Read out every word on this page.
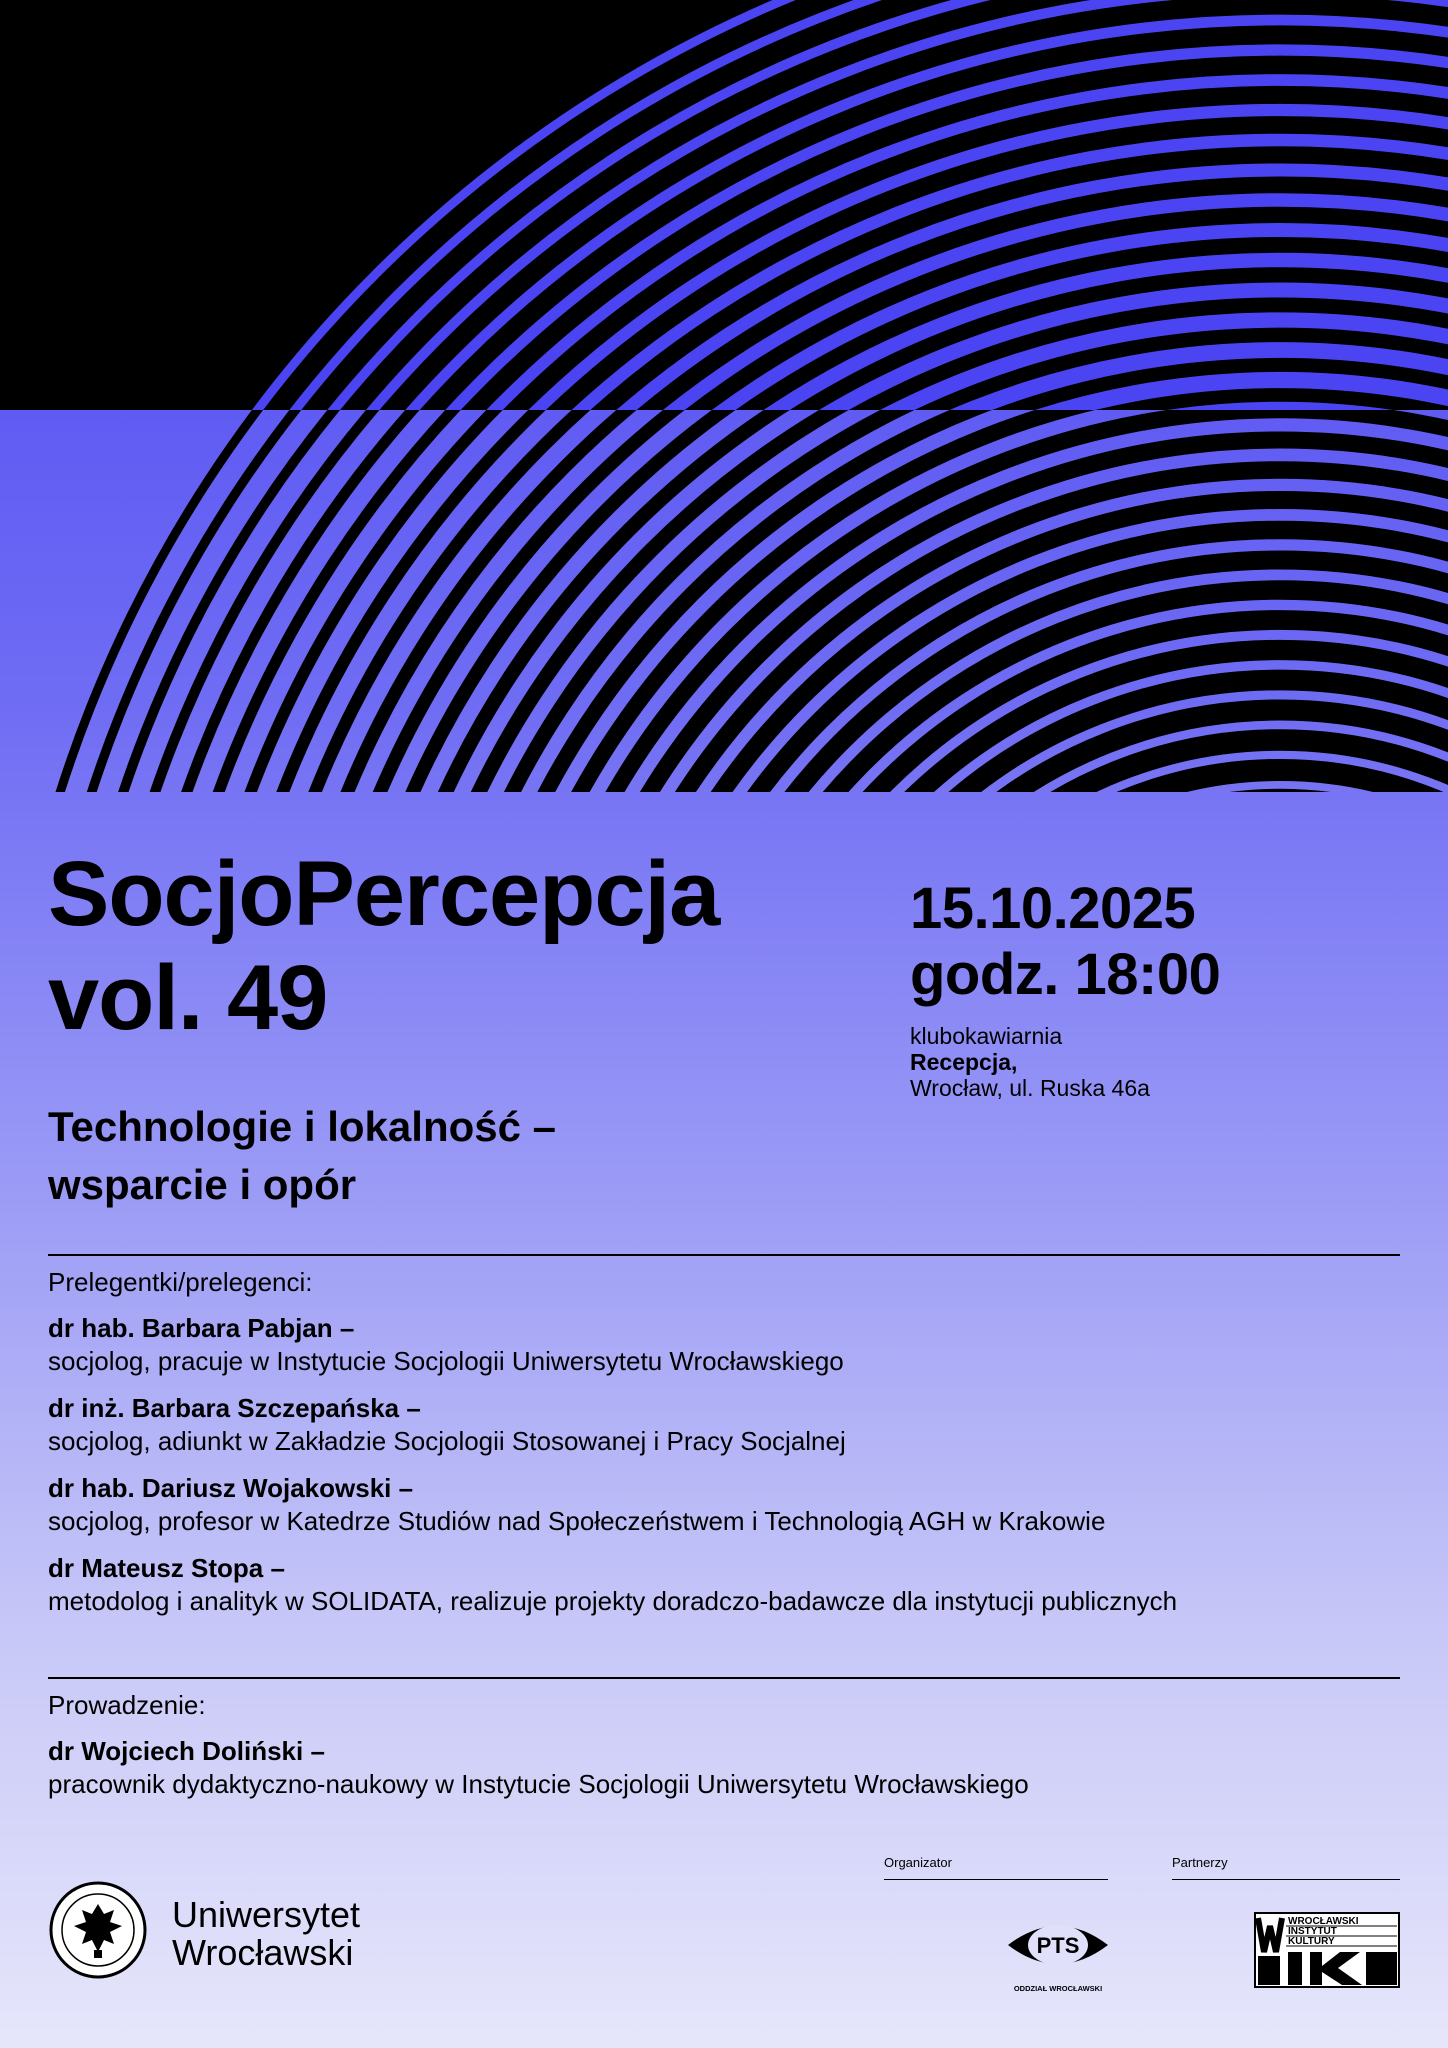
SocjoPercepcja
vol. 49
15.10.2025
godz. 18:00
klubokawiarnia
Recepcja,
Wrocław, ul. Ruska 46a
Technologie i lokalność –
wsparcie i opór
Prelegentki/prelegenci:
dr hab. Barbara Pabjan –
socjolog, pracuje w Instytucie Socjologii Uniwersytetu Wrocławskiego
dr inż. Barbara Szczepańska –
socjolog, adiunkt w Zakładzie Socjologii Stosowanej i Pracy Socjalnej
dr hab. Dariusz Wojakowski –
socjolog, profesor w Katedrze Studiów nad Społeczeństwem i Technologią AGH w Krakowie
dr Mateusz Stopa –
metodolog i analityk w SOLIDATA, realizuje projekty doradczo-badawcze dla instytucji publicznych
Prowadzenie:
dr Wojciech Doliński –
pracownik dydaktyczno-naukowy w Instytucie Socjologii Uniwersytetu Wrocławskiego
Uniwersytet
Wrocławski
Organizator	Partnerzy
PTS
ODDZIAŁ WROCŁAWSKI
WROCŁAWSKI
INSTYTUT
KULTURY
